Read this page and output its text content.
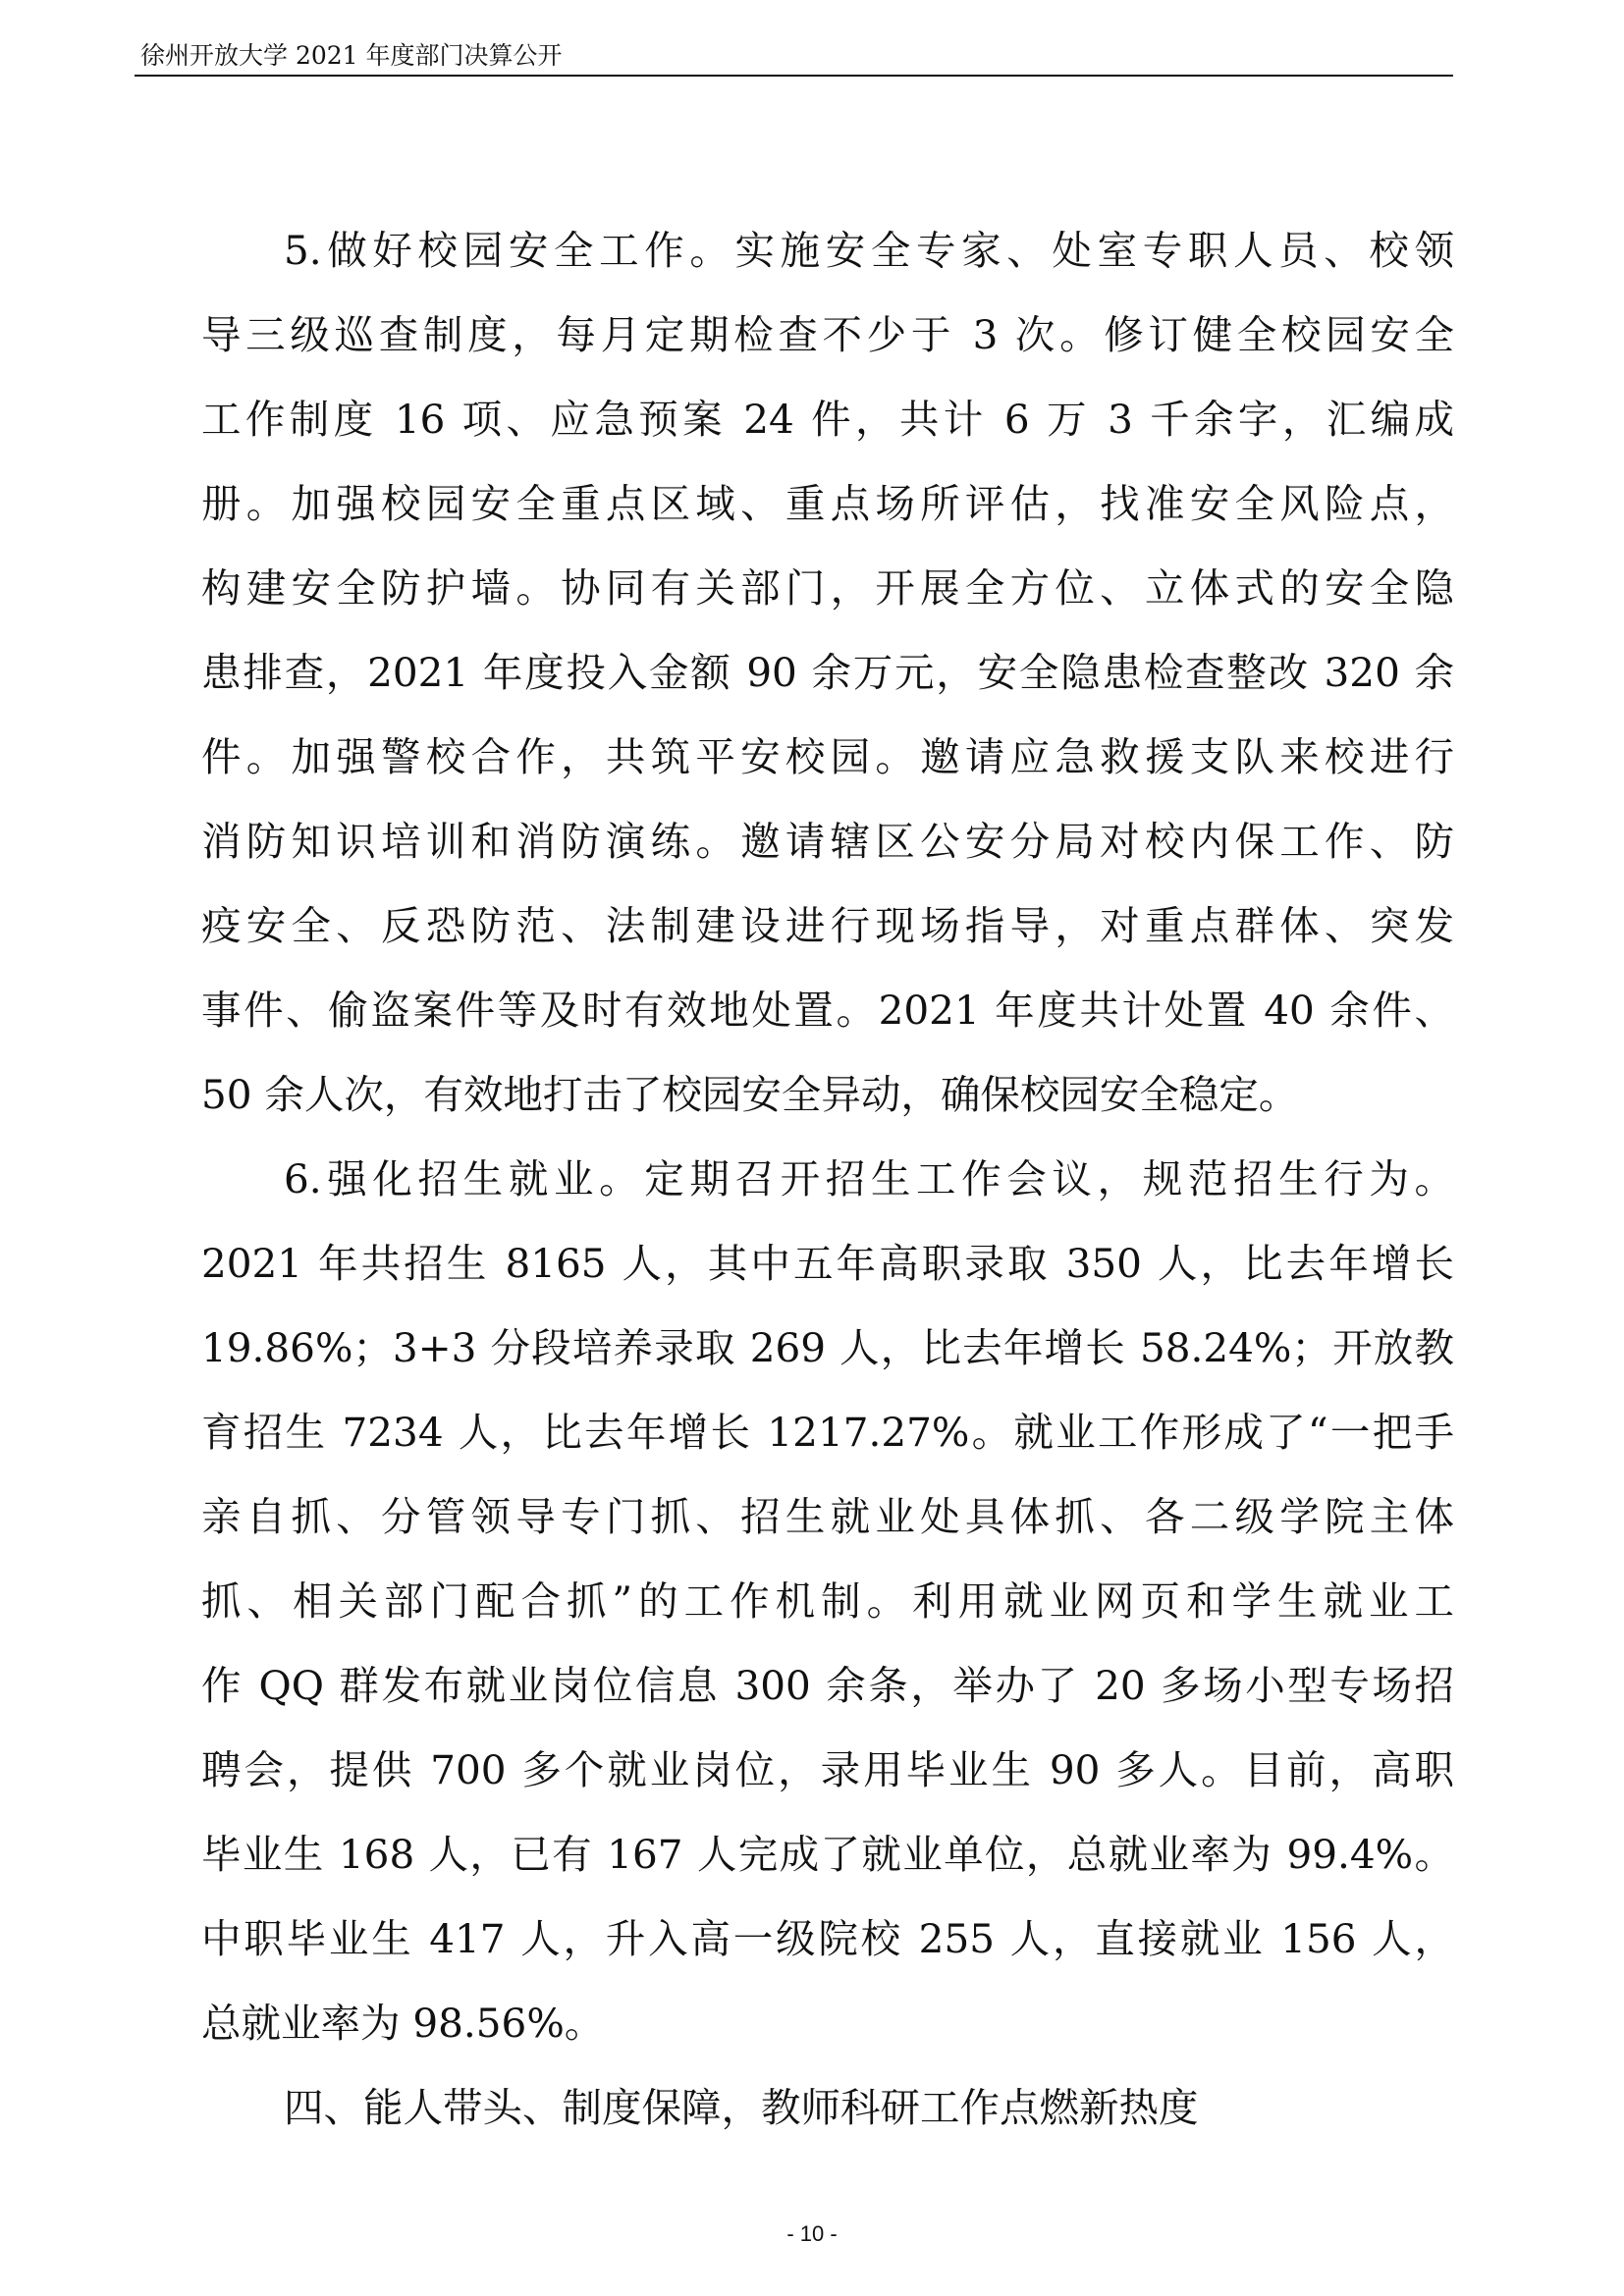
徐州开放大学 2021 年度部门决算公开
5.做好校园安全工作。实施安全专家、处室专职人员、校领
导三级巡查制度，每月定期检查不少于 3 次。修订健全校园安全
工作制度 16 项、应急预案 24 件，共计 6 万 3 千余字，汇编成
册。加强校园安全重点区域、重点场所评估，找准安全风险点，
构建安全防护墙。协同有关部门，开展全方位、立体式的安全隐
患排查，2021 年度投入金额 90 余万元，安全隐患检查整改 320 余
件。加强警校合作，共筑平安校园。邀请应急救援支队来校进行
消防知识培训和消防演练。邀请辖区公安分局对校内保工作、防
疫安全、反恐防范、法制建设进行现场指导，对重点群体、突发
事件、偷盗案件等及时有效地处置。2021 年度共计处置 40 余件、
50 余人次，有效地打击了校园安全异动，确保校园安全稳定。
6.强化招生就业。定期召开招生工作会议，规范招生行为。
2021 年共招生 8165 人，其中五年高职录取 350 人，比去年增长
19.86%；3+3 分段培养录取 269 人，比去年增长 58.24%；开放教
育招生 7234 人，比去年增长 1217.27%。就业工作形成了“一把手
亲自抓、分管领导专门抓、招生就业处具体抓、各二级学院主体
抓、相关部门配合抓”的工作机制。利用就业网页和学生就业工
作 QQ 群发布就业岗位信息 300 余条，举办了 20 多场小型专场招
聘会，提供 700 多个就业岗位，录用毕业生 90 多人。目前，高职
毕业生 168 人，已有 167 人完成了就业单位，总就业率为 99.4%。
中职毕业生 417 人，升入高一级院校 255 人，直接就业 156 人，
总就业率为 98.56%。
四、能人带头、制度保障，教师科研工作点燃新热度
- 10 -
